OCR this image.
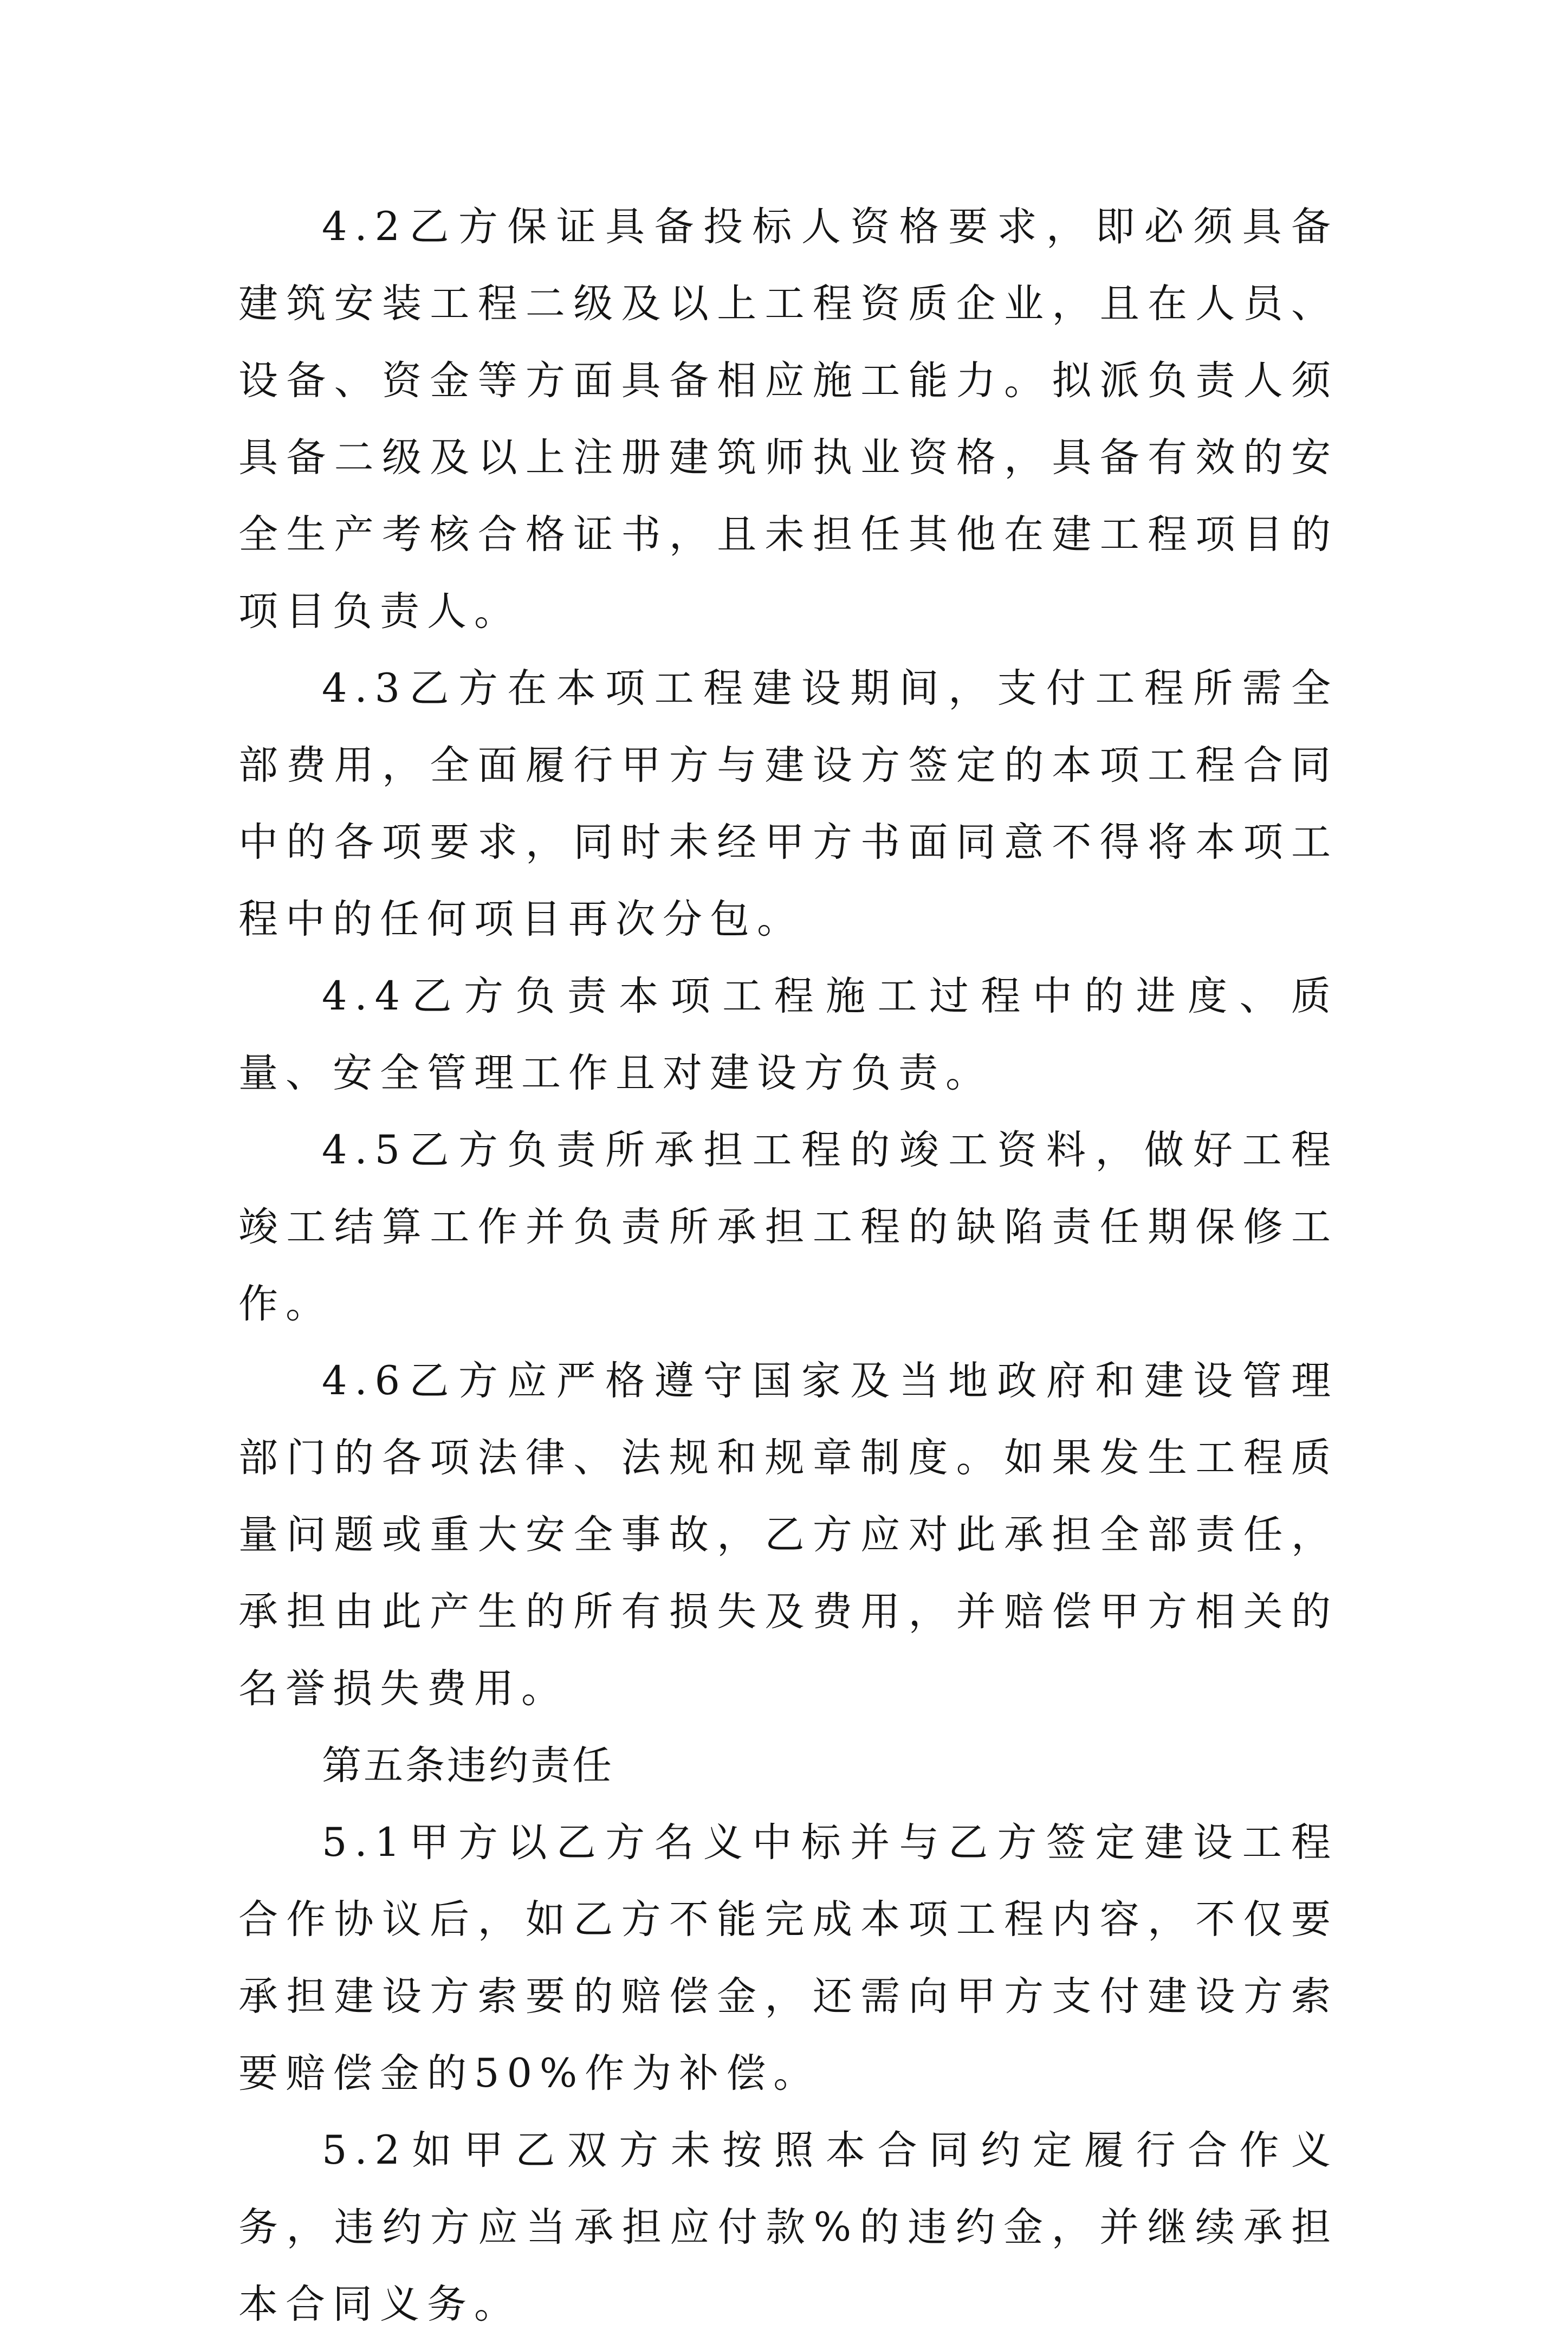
4.2乙方保证具备投标人资格要求，即必须具备建筑安装工程二级及以上工程资质企业，且在人员、设备、资金等方面具备相应施工能力。拟派负责人须具备二级及以上注册建筑师执业资格，具备有效的安全生产考核合格证书，且未担任其他在建工程项目的项目负责人。

4.3乙方在本项工程建设期间，支付工程所需全部费用，全面履行甲方与建设方签定的本项工程合同中的各项要求，同时未经甲方书面同意不得将本项工程中的任何项目再次分包。

4.4乙方负责本项工程施工过程中的进度、质量、安全管理工作且对建设方负责。

4.5乙方负责所承担工程的竣工资料，做好工程竣工结算工作并负责所承担工程的缺陷责任期保修工作。

4.6乙方应严格遵守国家及当地政府和建设管理部门的各项法律、法规和规章制度。如果发生工程质量问题或重大安全事故，乙方应对此承担全部责任，承担由此产生的所有损失及费用，并赔偿甲方相关的名誉损失费用。

第五条违约责任

5.1甲方以乙方名义中标并与乙方签定建设工程合作协议后，如乙方不能完成本项工程内容，不仅要承担建设方索要的赔偿金，还需向甲方支付建设方索要赔偿金的50%作为补偿。

5.2如甲乙双方未按照本合同约定履行合作义务，违约方应当承担应付款%的违约金，并继续承担本合同义务。
